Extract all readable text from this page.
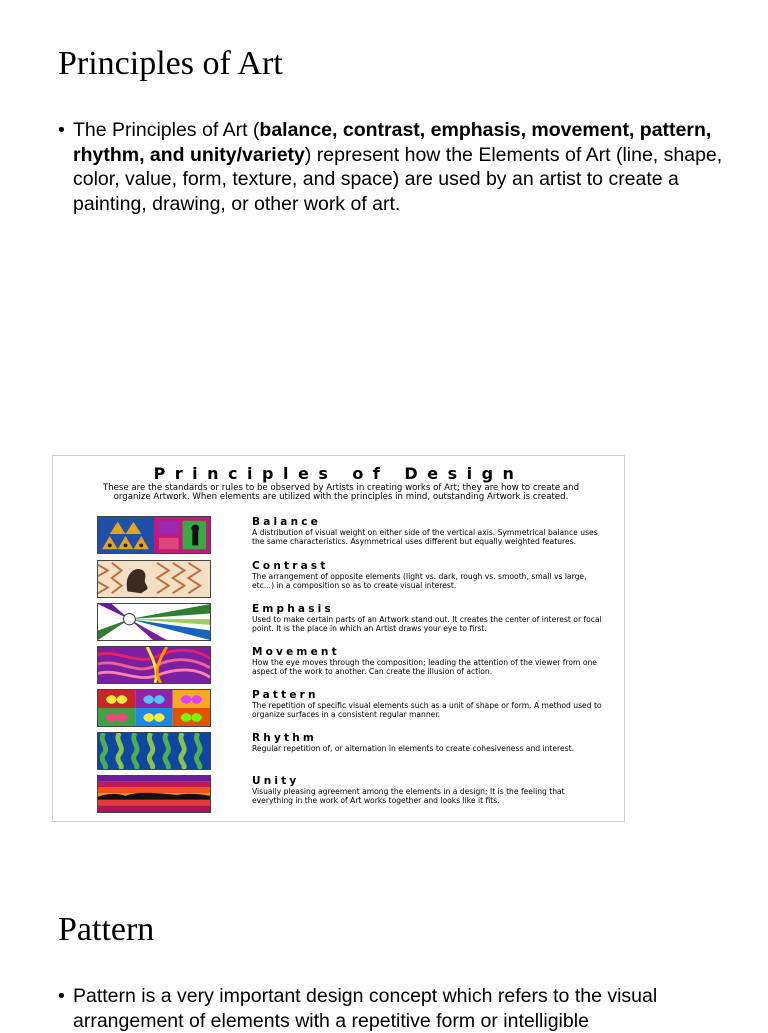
Principles of Art
• The Principles of Art (balance, contrast, emphasis, movement, pattern, rhythm, and unity/variety) represent how the Elements of Art (line, shape, color, value, form, texture, and space) are used by an artist to create a painting, drawing, or other work of art.
Principles of Design
These are the standards or rules to be observed by Artists in creating works of Art; they are how to create and organize Artwork. When elements are utilized with the principles in mind, outstanding Artwork is created.
Balance
A distribution of visual weight on either side of the vertical axis. Symmetrical balance uses the same characteristics. Asymmetrical uses different but equally weighted features.
Contrast
The arrangement of opposite elements (light vs. dark, rough vs. smooth, small vs large, etc...) in a composition so as to create visual interest.
Emphasis
Used to make certain parts of an Artwork stand out. It creates the center of interest or focal point. It is the place in which an Artist draws your eye to first.
Movement
How the eye moves through the composition; leading the attention of the viewer from one aspect of the work to another. Can create the illusion of action.
Pattern
The repetition of specific visual elements such as a unit of shape or form. A method used to organize surfaces in a consistent regular manner.
Rhythm
Regular repetition of, or alternation in elements to create cohesiveness and interest.
Unity
Visually pleasing agreement among the elements in a design; It is the feeling that everything in the work of Art works together and looks like it fits.
Pattern
• Pattern is a very important design concept which refers to the visual arrangement of elements with a repetitive form or intelligible
